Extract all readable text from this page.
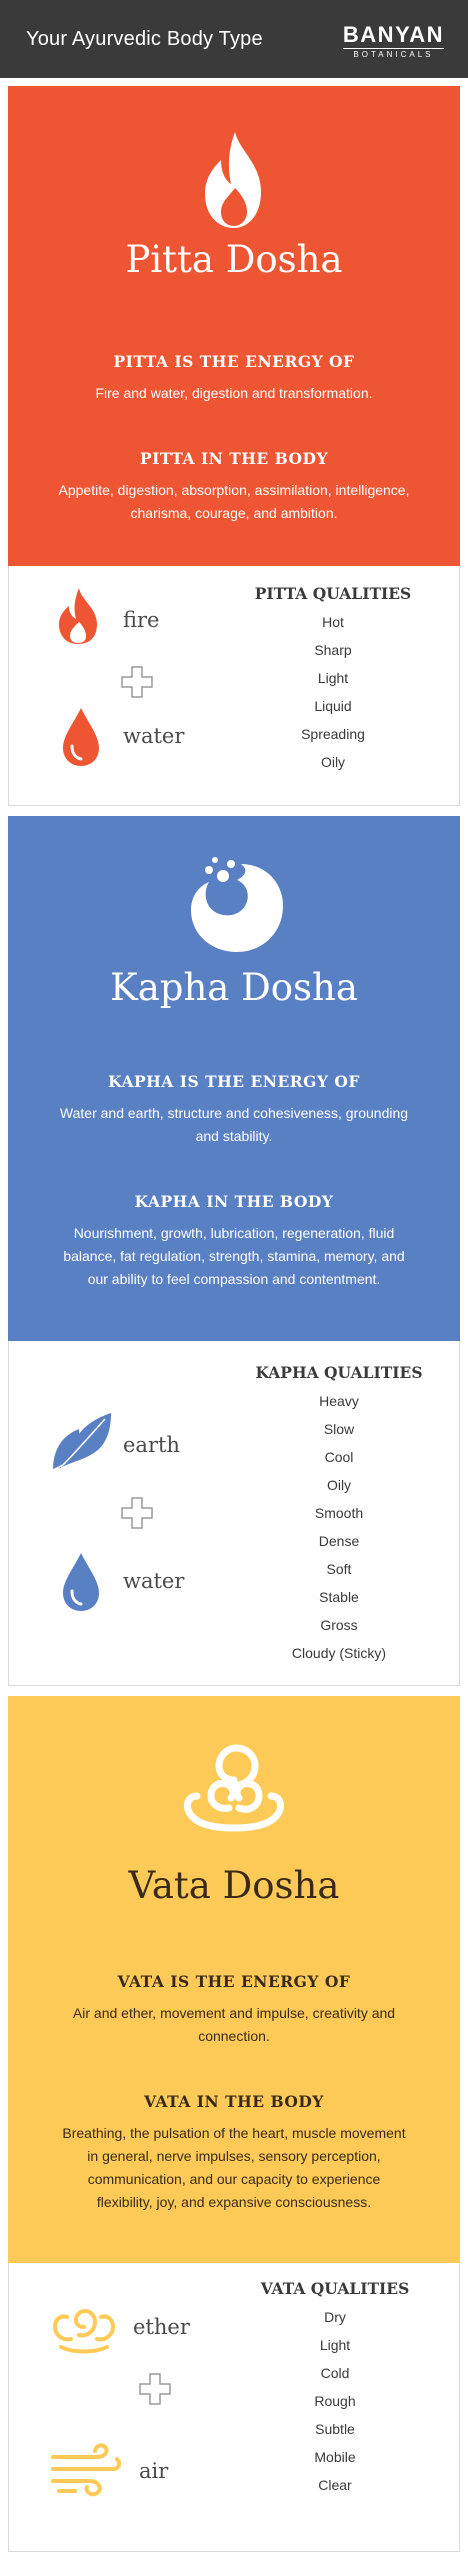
Your Ayurvedic Body Type	BANYAN
BOTANICALS
Pitta Dosha
PITTA IS THE ENERGY OF
Fire and water, digestion and transformation.
PITTA IN THE BODY
Appetite, digestion, absorption, assimilation, intelligence, charisma, courage, and ambition.
fire
water
PITTA QUALITIES
Hot
Sharp
Light
Liquid
Spreading
Oily
Kapha Dosha
KAPHA IS THE ENERGY OF
Water and earth, structure and cohesiveness, grounding and stability.
KAPHA IN THE BODY
Nourishment, growth, lubrication, regeneration, fluid balance, fat regulation, strength, stamina, memory, and our ability to feel compassion and contentment.
earth
water
KAPHA QUALITIES
Heavy
Slow
Cool
Oily
Smooth
Dense
Soft
Stable
Gross
Cloudy (Sticky)
Vata Dosha
VATA IS THE ENERGY OF
Air and ether, movement and impulse, creativity and connection.
VATA IN THE BODY
Breathing, the pulsation of the heart, muscle movement in general, nerve impulses, sensory perception, communication, and our capacity to experience flexibility, joy, and expansive consciousness.
ether
air
VATA QUALITIES
Dry
Light
Cold
Rough
Subtle
Mobile
Clear
